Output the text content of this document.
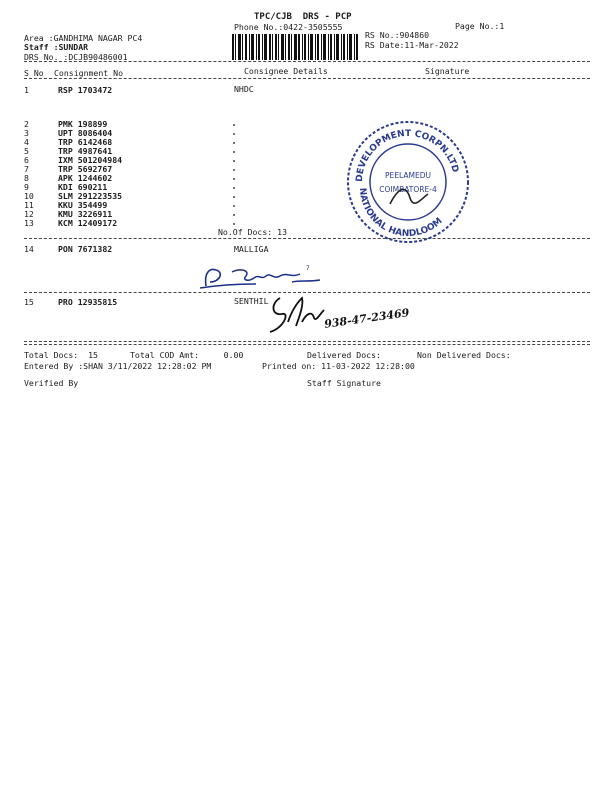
TPC/CJB  DRS - PCP
Phone No.:0422-3505555	Page No.:1
Area :GANDHIMA NAGAR PC4
Staff :SUNDAR
DRS No. :DCJB90486001
RS No.:904860
RS Date:11-Mar-2022
S No Consignment No	Consignee Details	Signature
1	RSP 1703472	NHDC
2	PMK 198899
3	UPT 8086404
4	TRP 6142468
5	TRP 4987641
6	IXM 501204984
7	TRP 5692767
8	APK 1244602
9	KDI 690211
10	SLM 291223535
11	KKU 354499
12	KMU 3226911
13	KCM 12409172
No.Of Docs: 13
14	PON 7671382	MALLIGA
7
15	PRO 12935815	SENTHIL
938-47-23469
DEVELOPMENT CORPN.LTD
NATIONAL HANDLOOM
PEELAMEDU
COIMBATORE-4
Total Docs:  15	Total COD Amt:     0.00	Delivered Docs:	Non Delivered Docs:
Entered By :SHAN 3/11/2022 12:28:02 PM	Printed on: 11-03-2022 12:28:00
Verified By	Staff Signature
